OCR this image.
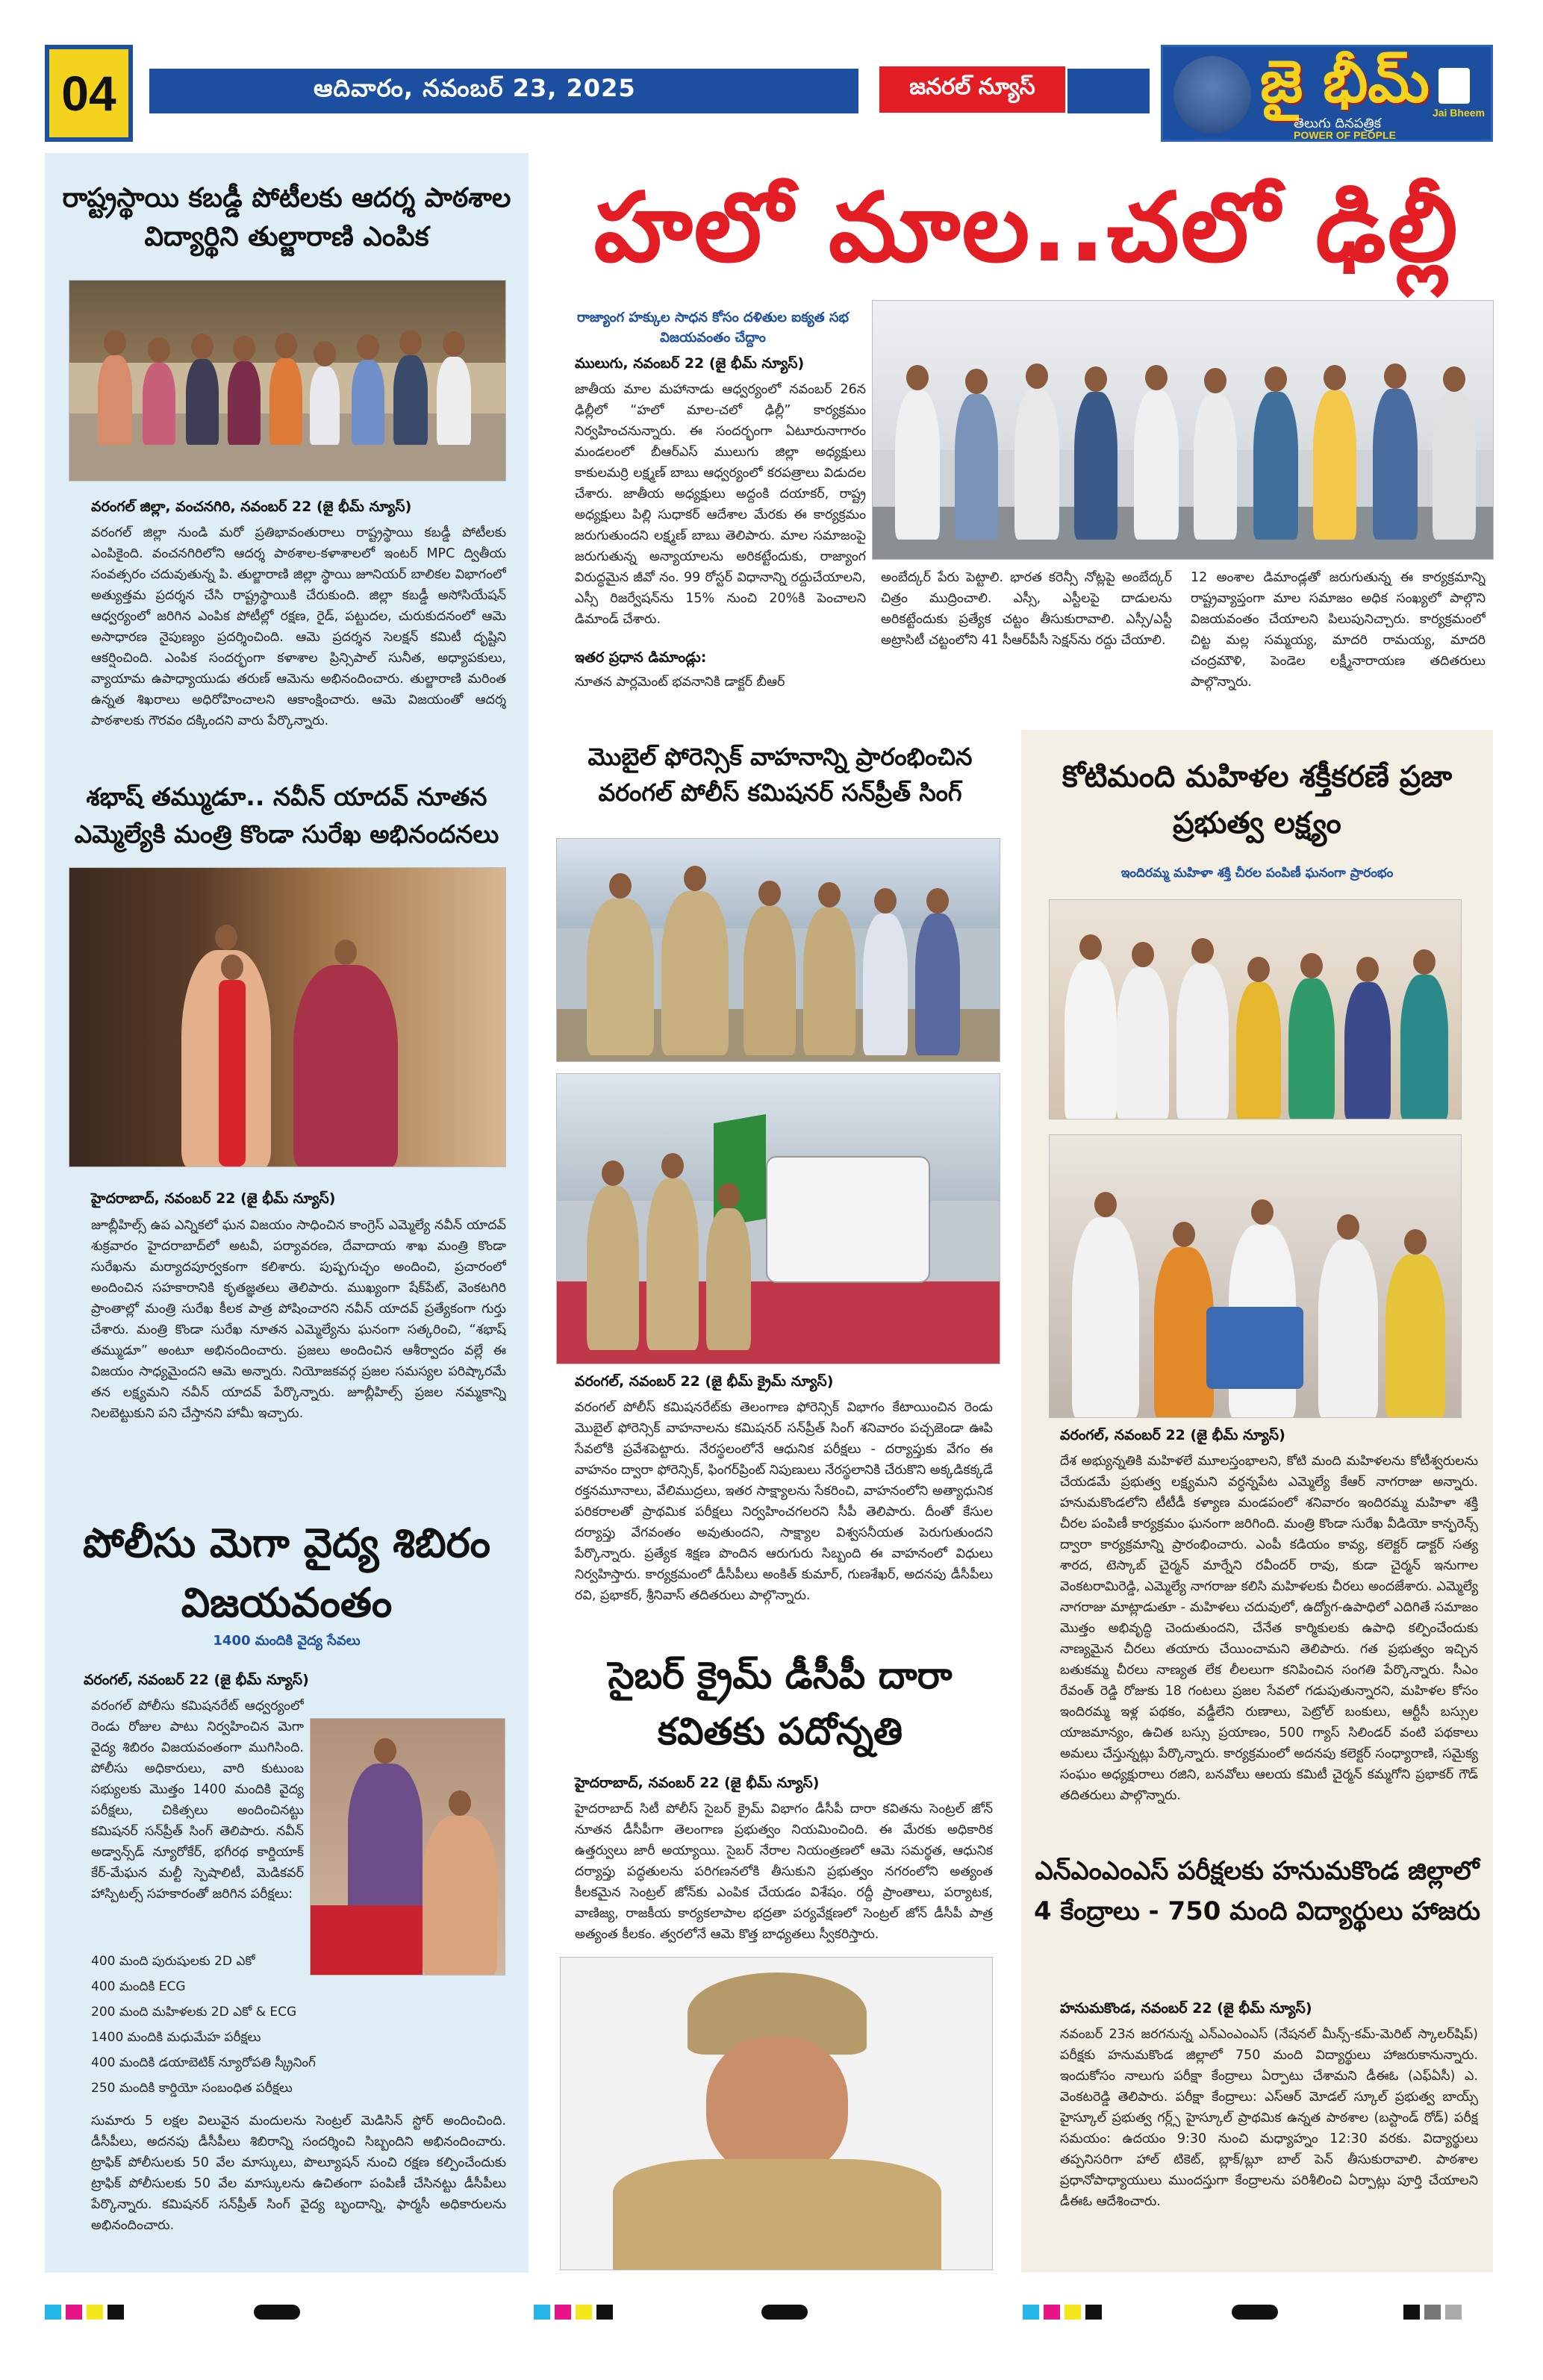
04	ఆదివారం, నవంబర్ 23, 2025	జనరల్ న్యూస్	జై భీమ్
తెలుగు దినపత్రిక
POWER OF PEOPLE
Jai Bheem
రాష్ట్రస్థాయి కబడ్డీ పోటీలకు ఆదర్శ పాఠశాల విద్యార్థిని తుల్జారాణి ఎంపిక
వరంగల్ జిల్లా, వంచనగిరి, నవంబర్ 22 (జై భీమ్ న్యూస్)
వరంగల్ జిల్లా నుండి మరో ప్రతిభావంతురాలు రాష్ట్రస్థాయి కబడ్డీ పోటీలకు ఎంపికైంది. వంచనగిరిలోని ఆదర్శ పాఠశాల-కళాశాలలో ఇంటర్ MPC ద్వితీయ సంవత్సరం చదువుతున్న పి. తుల్జారాణి జిల్లా స్థాయి జూనియర్ బాలికల విభాగంలో అత్యుత్తమ ప్రదర్శన చేసి రాష్ట్రస్థాయికి చేరుకుంది. జిల్లా కబడ్డీ అసోసియేషన్ ఆధ్వర్యంలో జరిగిన ఎంపిక పోటీల్లో రక్షణ, రైడ్, పట్టుదల, చురుకుదనంలో ఆమె అసాధారణ నైపుణ్యం ప్రదర్శించింది. ఆమె ప్రదర్శన సెలక్షన్ కమిటీ దృష్టిని ఆకర్షించింది. ఎంపిక సందర్భంగా కళాశాల ప్రిన్సిపాల్ సునీత, అధ్యాపకులు, వ్యాయామ ఉపాధ్యాయుడు తరుణ్ ఆమెను అభినందించారు. తుల్జారాణి మరింత ఉన్నత శిఖరాలు అధిరోహించాలని ఆకాంక్షించారు. ఆమె విజయంతో ఆదర్శ పాఠశాలకు గౌరవం దక్కిందని వారు పేర్కొన్నారు.
శభాష్ తమ్ముడూ.. నవీన్ యాదవ్ నూతన ఎమ్మెల్యేకి మంత్రి కొండా సురేఖ అభినందనలు
హైదరాబాద్, నవంబర్ 22 (జై భీమ్ న్యూస్)
జూబ్లీహిల్స్ ఉప ఎన్నికలో ఘన విజయం సాధించిన కాంగ్రెస్ ఎమ్మెల్యే నవీన్ యాదవ్ శుక్రవారం హైదరాబాద్‌లో అటవీ, పర్యావరణ, దేవాదాయ శాఖ మంత్రి కొండా సురేఖను మర్యాదపూర్వకంగా కలిశారు. పుష్పగుచ్ఛం అందించి, ప్రచారంలో అందించిన సహకారానికి కృతజ్ఞతలు తెలిపారు. ముఖ్యంగా షేక్‌పేట్, వెంకటగిరి ప్రాంతాల్లో మంత్రి సురేఖ కీలక పాత్ర పోషించారని నవీన్ యాదవ్ ప్రత్యేకంగా గుర్తు చేశారు. మంత్రి కొండా సురేఖ నూతన ఎమ్మెల్యేను ఘనంగా సత్కరించి, “శభాష్ తమ్ముడూ” అంటూ అభినందించారు. ప్రజలు అందించిన ఆశీర్వాదం వల్లే ఈ విజయం సాధ్యమైందని ఆమె అన్నారు. నియోజకవర్గ ప్రజల సమస్యల పరిష్కారమే తన లక్ష్యమని నవీన్ యాదవ్ పేర్కొన్నారు. జూబ్లీహిల్స్ ప్రజల నమ్మకాన్ని నిలబెట్టుకుని పని చేస్తానని హామీ ఇచ్చారు.
పోలీసు మెగా వైద్య శిబిరం విజయవంతం
1400 మందికి వైద్య సేవలు
వరంగల్, నవంబర్ 22 (జై భీమ్ న్యూస్)
వరంగల్ పోలీసు కమిషనరేట్ ఆధ్వర్యంలో రెండు రోజుల పాటు నిర్వహించిన మెగా వైద్య శిబిరం విజయవంతంగా ముగిసింది. పోలీసు అధికారులు, వారి కుటుంబ సభ్యులకు మొత్తం 1400 మందికి వైద్య పరీక్షలు, చికిత్సలు అందించినట్టు కమిషనర్ సన్‌ప్రీత్ సింగ్ తెలిపారు. నవీన్ అడ్వాన్స్‌డ్ న్యూరోకేర్, భగీరథ కార్డియాక్ కేర్-మేఘన మల్టీ స్పెషాలిటీ, మెడికవర్ హాస్పిటల్స్ సహకారంతో జరిగిన పరీక్షలు:
400 మంది పురుషులకు 2D ఎకో
400 మందికి ECG
200 మంది మహిళలకు 2D ఎకో & ECG
1400 మందికి మధుమేహ పరీక్షలు
400 మందికి డయాబెటిక్ న్యూరోపతి స్క్రీనింగ్
250 మందికి కార్డియో సంబంధిత పరీక్షలు
సుమారు 5 లక్షల విలువైన మందులను సెంట్రల్ మెడిసిన్ స్టోర్ అందించింది. డీసీపీలు, అదనపు డీసీపీలు శిబిరాన్ని సందర్శించి సిబ్బందిని అభినందించారు. ట్రాఫిక్ పోలీసులకు 50 వేల మాస్కులు, పొల్యూషన్ నుంచి రక్షణ కల్పించేందుకు ట్రాఫిక్ పోలీసులకు 50 వేల మాస్కులను ఉచితంగా పంపిణీ చేసినట్టు డీసీపీలు పేర్కొన్నారు. కమిషనర్ సన్‌ప్రీత్ సింగ్ వైద్య బృందాన్ని, ఫార్మసీ అధికారులను అభినందించారు.
హలో మాల..చలో ఢిల్లీ
రాజ్యాంగ హక్కుల సాధన కోసం దళితుల ఐక్యత సభ విజయవంతం చేద్దాం
ములుగు, నవంబర్ 22 (జై భీమ్ న్యూస్)
జాతీయ మాల మహానాడు ఆధ్వర్యంలో నవంబర్ 26న ఢిల్లీలో “హలో మాల-చలో ఢిల్లీ” కార్యక్రమం నిర్వహించనున్నారు. ఈ సందర్భంగా ఏటూరునాగారం మండలంలో బీఆర్ఎస్ ములుగు జిల్లా అధ్యక్షులు కాకులమర్రి లక్ష్మణ్ బాబు ఆధ్వర్యంలో కరపత్రాలు విడుదల చేశారు. జాతీయ అధ్యక్షులు అద్దంకి దయాకర్, రాష్ట్ర అధ్యక్షులు పిల్లి సుధాకర్ ఆదేశాల మేరకు ఈ కార్యక్రమం జరుగుతుందని లక్ష్మణ్ బాబు తెలిపారు. మాల సమాజంపై జరుగుతున్న అన్యాయాలను అరికట్టేందుకు, రాజ్యాంగ విరుద్ధమైన జీవో నం. 99 రోస్టర్ విధానాన్ని రద్దుచేయాలని, ఎస్సీ రిజర్వేషన్‌ను 15% నుంచి 20%కి పెంచాలని డిమాండ్ చేశారు.
ఇతర ప్రధాన డిమాండ్లు:
నూతన పార్లమెంట్ భవనానికి డాక్టర్ బీఆర్
అంబేద్కర్ పేరు పెట్టాలి. భారత కరెన్సీ నోట్లపై అంబేద్కర్ చిత్రం ముద్రించాలి. ఎస్సీ, ఎస్టీలపై దాడులను అరికట్టేందుకు ప్రత్యేక చట్టం తీసుకురావాలి. ఎస్సీ/ఎస్టీ అట్రాసిటీ చట్టంలోని 41 సీఆర్‌పీసీ సెక్షన్‌ను రద్దు చేయాలి.
12 అంశాల డిమాండ్లతో జరుగుతున్న ఈ కార్యక్రమాన్ని రాష్ట్రవ్యాప్తంగా మాల సమాజం అధిక సంఖ్యలో పాల్గొని విజయవంతం చేయాలని పిలుపునిచ్చారు. కార్యక్రమంలో చిట్ట మల్ల సమ్మయ్య, మాదరి రామయ్య, మాదరి చంద్రమౌళి, పెండెల లక్ష్మీనారాయణ తదితరులు పాల్గొన్నారు.
మొబైల్ ఫోరెన్సిక్ వాహనాన్ని ప్రారంభించిన వరంగల్ పోలీస్ కమిషనర్ సన్‌ప్రీత్ సింగ్
వరంగల్, నవంబర్ 22 (జై భీమ్ క్రైమ్ న్యూస్)
వరంగల్ పోలీస్ కమిషనరేట్‌కు తెలంగాణ ఫోరెన్సిక్ విభాగం కేటాయించిన రెండు మొబైల్ ఫోరెన్సిక్ వాహనాలను కమిషనర్ సన్‌ప్రీత్ సింగ్ శనివారం పచ్చజెండా ఊపి సేవలోకి ప్రవేశపెట్టారు. నేరస్థలంలోనే ఆధునిక పరీక్షలు - దర్యాప్తుకు వేగం ఈ వాహనం ద్వారా ఫోరెన్సిక్, ఫింగర్‌ప్రింట్ నిపుణులు నేరస్థలానికి చేరుకొని అక్కడికక్కడే రక్తనమూనాలు, వేలిముద్రలు, ఇతర సాక్ష్యాలను సేకరించి, వాహనంలోని అత్యాధునిక పరికరాలతో ప్రాథమిక పరీక్షలు నిర్వహించగలరని సీపీ తెలిపారు. దీంతో కేసుల దర్యాప్తు వేగవంతం అవుతుందని, సాక్ష్యాల విశ్వసనీయత పెరుగుతుందని పేర్కొన్నారు. ప్రత్యేక శిక్షణ పొందిన ఆరుగురు సిబ్బంది ఈ వాహనంలో విధులు నిర్వహిస్తారు. కార్యక్రమంలో డీసీపీలు అంకిత్ కుమార్, గుణశేఖర్, అదనపు డీసీపీలు రవి, ప్రభాకర్, శ్రీనివాస్ తదితరులు పాల్గొన్నారు.
సైబర్ క్రైమ్ డీసీపీ దారా కవితకు పదోన్నతి
హైదరాబాద్, నవంబర్ 22 (జై భీమ్ న్యూస్)
హైదరాబాద్ సిటీ పోలీస్ సైబర్ క్రైమ్ విభాగం డీసీపీ దారా కవితను సెంట్రల్ జోన్ నూతన డీసీపీగా తెలంగాణ ప్రభుత్వం నియమించింది. ఈ మేరకు అధికారిక ఉత్తర్వులు జారీ అయ్యాయి. సైబర్ నేరాల నియంత్రణలో ఆమె సమర్థత, ఆధునిక దర్యాప్తు పద్ధతులను పరిగణనలోకి తీసుకుని ప్రభుత్వం నగరంలోని అత్యంత కీలకమైన సెంట్రల్ జోన్‌కు ఎంపిక చేయడం విశేషం. రద్దీ ప్రాంతాలు, పర్యాటక, వాణిజ్య, రాజకీయ కార్యకలాపాల భద్రతా పర్యవేక్షణలో సెంట్రల్ జోన్ డీసీపీ పాత్ర అత్యంత కీలకం. త్వరలోనే ఆమె కొత్త బాధ్యతలు స్వీకరిస్తారు.
కోటిమంది మహిళల శక్తీకరణే ప్రజా ప్రభుత్వ లక్ష్యం
ఇందిరమ్మ మహిళా శక్తి చీరల పంపిణీ ఘనంగా ప్రారంభం
వరంగల్, నవంబర్ 22 (జై భీమ్ న్యూస్)
దేశ అభ్యున్నతికి మహిళలే మూలస్తంభాలని, కోటి మంది మహిళలను కోటీశ్వరులను చేయడమే ప్రభుత్వ లక్ష్యమని వర్ధన్నపేట ఎమ్మెల్యే కేఆర్ నాగరాజు అన్నారు. హనుమకొండలోని టీటీడీ కళ్యాణ మండపంలో శనివారం ఇందిరమ్మ మహిళా శక్తి చీరల పంపిణీ కార్యక్రమం ఘనంగా జరిగింది. మంత్రి కొండా సురేఖ వీడియో కాన్ఫరెన్స్ ద్వారా కార్యక్రమాన్ని ప్రారంభించారు. ఎంపీ కడియం కావ్య, కలెక్టర్ డాక్టర్ సత్య శారద, టెస్కాబ్ చైర్మన్ మార్నేని రవీందర్ రావు, కుడా చైర్మన్ ఇనుగాల వెంకటరామిరెడ్డి, ఎమ్మెల్యే నాగరాజు కలిసి మహిళలకు చీరలు అందజేశారు. ఎమ్మెల్యే నాగరాజు మాట్లాడుతూ - మహిళలు చదువులో, ఉద్యోగ-ఉపాధిలో ఎదిగితే సమాజం మొత్తం అభివృద్ధి చెందుతుందని, చేనేత కార్మికులకు ఉపాధి కల్పించేందుకు నాణ్యమైన చీరలు తయారు చేయించామని తెలిపారు. గత ప్రభుత్వం ఇచ్చిన బతుకమ్మ చీరలు నాణ్యత లేక లీలలుగా కనిపించిన సంగతి పేర్కొన్నారు. సీఎం రేవంత్ రెడ్డి రోజుకు 18 గంటలు ప్రజల సేవలో గడుపుతున్నారని, మహిళల కోసం ఇందిరమ్మ ఇళ్ల పథకం, వడ్డీలేని రుణాలు, పెట్రోల్ బంకులు, ఆర్టీసీ బస్సుల యాజమాన్యం, ఉచిత బస్సు ప్రయాణం, 500 గ్యాస్ సిలిండర్ వంటి పథకాలు అమలు చేస్తున్నట్లు పేర్కొన్నారు. కార్యక్రమంలో అదనపు కలెక్టర్ సంధ్యారాణి, సమైక్య సంఘం అధ్యక్షురాలు రజిని, బనవోలు ఆలయ కమిటీ చైర్మన్ కమ్మగోని ప్రభాకర్ గౌడ్ తదితరులు పాల్గొన్నారు.
ఎన్‌ఎంఎంఎస్ పరీక్షలకు హనుమకొండ జిల్లాలో 4 కేంద్రాలు - 750 మంది విద్యార్థులు హాజరు
హనుమకొండ, నవంబర్ 22 (జై భీమ్ న్యూస్)
నవంబర్ 23న జరగనున్న ఎన్‌ఎంఎంఎస్ (నేషనల్ మీన్స్-కమ్-మెరిట్ స్కాలర్‌షిప్) పరీక్షకు హనుమకొండ జిల్లాలో 750 మంది విద్యార్థులు హాజరుకానున్నారు. ఇందుకోసం నాలుగు పరీక్షా కేంద్రాలు ఏర్పాటు చేశామని డీఈఓ (ఎఫ్ఏసీ) ఎ. వెంకటరెడ్డి తెలిపారు. పరీక్షా కేంద్రాలు: ఎస్ఆర్ మోడల్ స్కూల్ ప్రభుత్వ బాయ్స్ హైస్కూల్ ప్రభుత్వ గర్ల్స్ హైస్కూల్ ప్రాథమిక ఉన్నత పాఠశాల (బస్టాండ్ రోడ్) పరీక్ష సమయం: ఉదయం 9:30 నుంచి మధ్యాహ్నం 12:30 వరకు. విద్యార్థులు తప్పనిసరిగా హాల్ టికెట్, బ్లాక్/బ్లూ బాల్ పెన్ తీసుకురావాలి. పాఠశాల ప్రధానోపాధ్యాయులు ముందస్తుగా కేంద్రాలను పరిశీలించి ఏర్పాట్లు పూర్తి చేయాలని డీఈఓ ఆదేశించారు.
